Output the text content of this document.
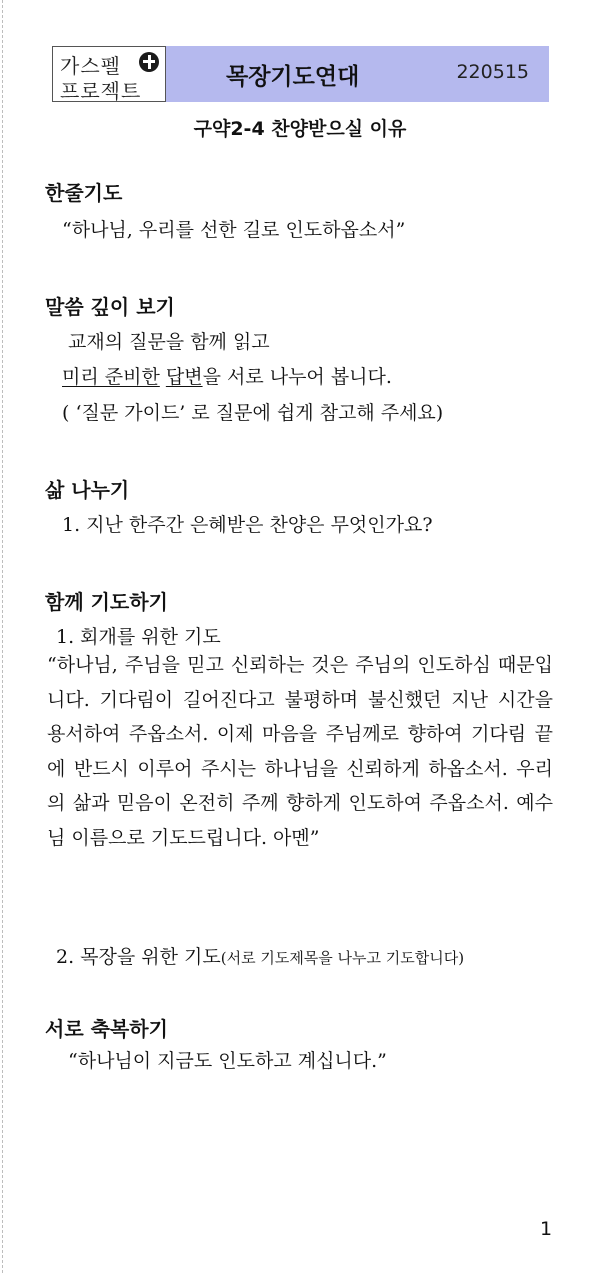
가스펠
프로젝트
목장기도연대	220515
구약2-4 찬양받으실 이유
한줄기도
“하나님, 우리를 선한 길로 인도하옵소서”
말씀 깊이 보기
교재의 질문을 함께 읽고
미리 준비한 답변을 서로 나누어 봅니다.
( ‘질문 가이드’ 로 질문에 쉽게 참고해 주세요)
삶 나누기
1. 지난 한주간 은혜받은 찬양은 무엇인가요?
함께 기도하기
1. 회개를 위한 기도

“하나님, 주님을 믿고 신뢰하는 것은 주님의 인도하심 때문입니다. 기다림이 길어진다고 불평하며 불신했던 지난 시간을 용서하여 주옵소서. 이제 마음을 주님께로 향하여 기다림 끝에 반드시 이루어 주시는 하나님을 신뢰하게 하옵소서. 우리의 삶과 믿음이 온전히 주께 향하게 인도하여 주옵소서. 예수님 이름으로 기도드립니다. 아멘”

2. 목장을 위한 기도(서로 기도제목을 나누고 기도합니다)
서로 축복하기
“하나님이 지금도 인도하고 계십니다.”
1
